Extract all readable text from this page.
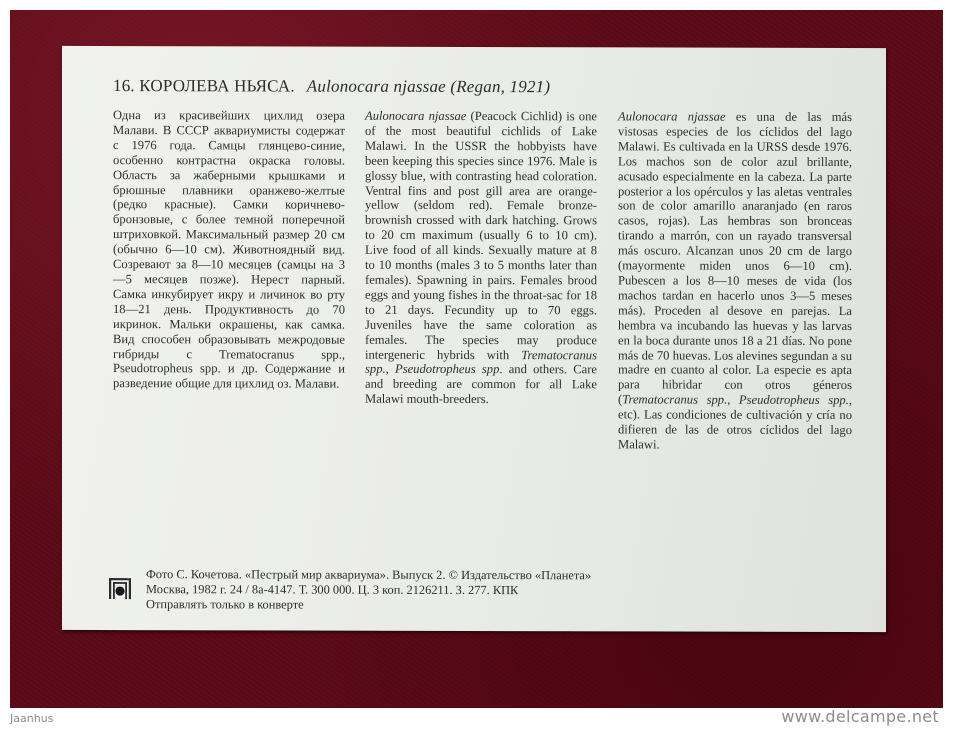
16. КОРОЛЕВА НЬЯСА. Aulonocara njassae (Regan, 1921)

Одна из красивейших цихлид озера Малави. В СССР аквариумисты содержат с 1976 года. Самцы глянцево-синие, особенно контрастна окраска головы. Область за жаберными крышками и брюшные плавники оранжево-желтые (редко красные). Самки коричнево-бронзовые, с более темной поперечной штриховкой. Максимальный размер 20 см (обычно 6—10 см). Животноядный вид. Созревают за 8—10 месяцев (самцы на 3—5 месяцев позже). Нерест парный. Самка инкубирует икру и личинок во рту 18—21 день. Продуктивность до 70 икринок. Мальки окрашены, как самка. Вид способен образовывать межродовые гибриды с Trematocranus spp., Pseudotropheus spp. и др. Содержание и разведение общие для цихлид оз. Малави.

Aulonocara njassae (Peacock Cichlid) is one of the most beautiful cichlids of Lake Malawi. In the USSR the hobbyists have been keeping this species since 1976. Male is glossy blue, with contrasting head coloration. Ventral fins and post gill area are orange-yellow (seldom red). Female bronze-brownish crossed with dark hatching. Grows to 20 cm maximum (usually 6 to 10 cm). Live food of all kinds. Sexually mature at 8 to 10 months (males 3 to 5 months later than females). Spawning in pairs. Females brood eggs and young fishes in the throat-sac for 18 to 21 days. Fecundity up to 70 eggs. Juveniles have the same coloration as females. The species may produce intergeneric hybrids with Trematocranus spp., Pseudotropheus spp. and others. Care and breeding are common for all Lake Malawi mouth-breeders.

Aulonocara njassae es una de las más vistosas especies de los cíclidos del lago Malawi. Es cultivada en la URSS desde 1976. Los machos son de color azul brillante, acusado especialmente en la cabeza. La parte posterior a los opérculos y las aletas ventrales son de color amarillo anaranjado (en raros casos, rojas). Las hembras son bronceas tirando a marrón, con un rayado transversal más oscuro. Alcanzan unos 20 cm de largo (mayormente miden unos 6—10 cm). Pubescen a los 8—10 meses de vida (los machos tardan en hacerlo unos 3—5 meses más). Proceden al desove en parejas. La hembra va incubando las huevas y las larvas en la boca durante unos 18 a 21 días. No pone más de 70 huevas. Los alevines segundan a su madre en cuanto al color. La especie es apta para hibridar con otros géneros (Trematocranus spp., Pseudotropheus spp., etc). Las condiciones de cultivación y cría no difieren de las de otros cíclidos del lago Malawi.

Фото С. Кочетова. «Пестрый мир аквариума». Выпуск 2. © Издательство «Планета»
Москва, 1982 г. 24 / 8а-4147. Т. 300 000. Ц. 3 коп. 2126211. З. 277. КПК
Отправлять только в конверте
Jaanhus	www.delcampe.net
